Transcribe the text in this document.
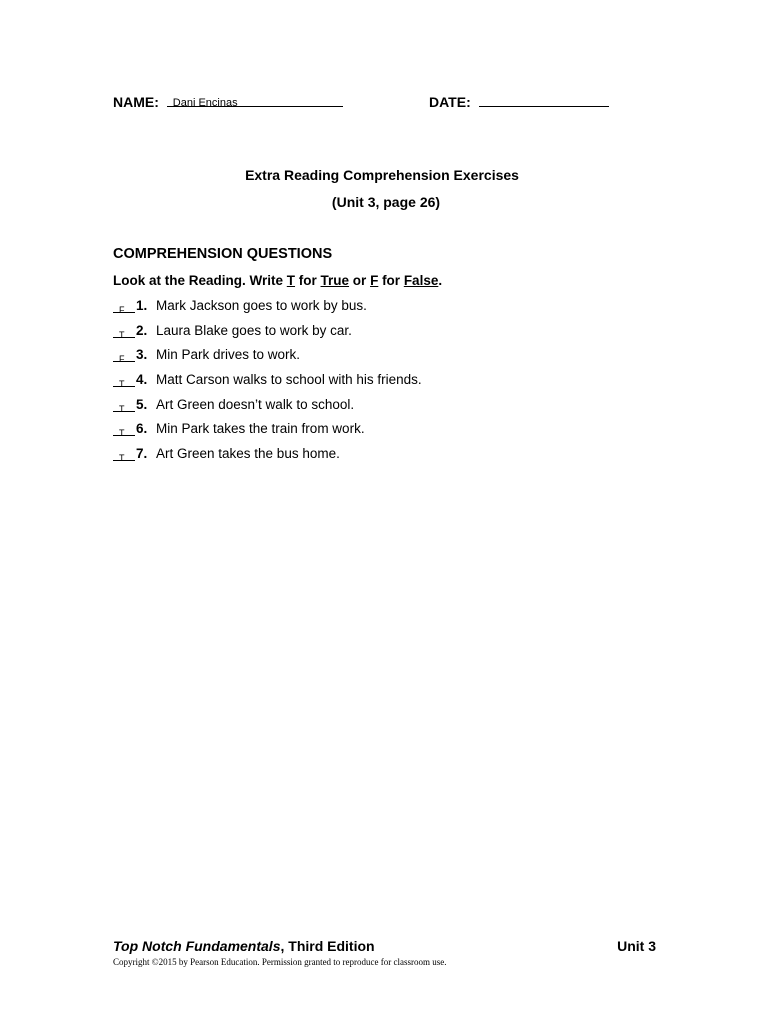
NAME: Dani Encinas	DATE:
Extra Reading Comprehension Exercises
(Unit 3, page 26)
COMPREHENSION QUESTIONS
Look at the Reading. Write T for True or F for False.
F 1. Mark Jackson goes to work by bus.
T 2. Laura Blake goes to work by car.
F 3. Min Park drives to work.
T 4. Matt Carson walks to school with his friends.
T 5. Art Green doesn’t walk to school.
T 6. Min Park takes the train from work.
T 7. Art Green takes the bus home.
Top Notch Fundamentals, Third Edition	Unit 3
Copyright ©2015 by Pearson Education. Permission granted to reproduce for classroom use.
